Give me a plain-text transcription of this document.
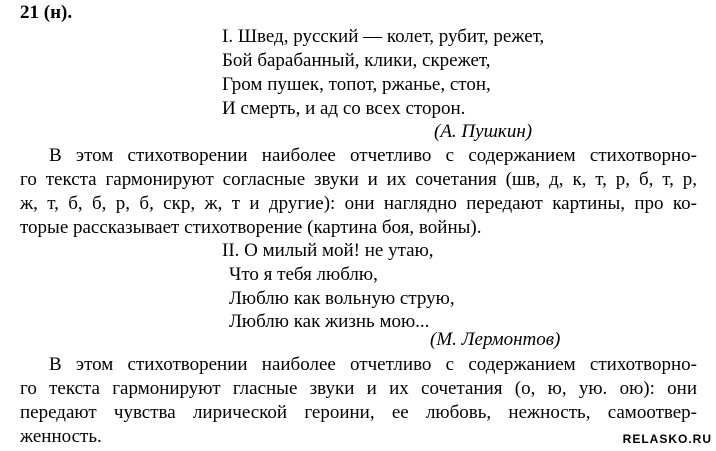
21 (н).
I. Швед, русский — колет, рубит, режет,
Бой барабанный, клики, скрежет,
Гром пушек, топот, ржанье, стон,
И смерть, и ад со всех сторон.
(А. Пушкин)
В этом стихотворении наиболее отчетливо с содержанием стихотворно-
го текста гармонируют согласные звуки и их сочетания (шв, д, к, т, р, б, т, р,
ж, т, б, б, р, б, скр, ж, т и другие): они наглядно передают картины, про ко-
торые рассказывает стихотворение (картина боя, войны).
II. О милый мой! не утаю,
Что я тебя люблю,
Люблю как вольную струю,
Люблю как жизнь мою...
(М. Лермонтов)
В этом стихотворении наиболее отчетливо с содержанием стихотворно-
го текста гармонируют гласные звуки и их сочетания (о, ю, ую. ою): они
передают чувства лирической героини, ее любовь, нежность, самоотвер-
женность.	RELASKO.RU
